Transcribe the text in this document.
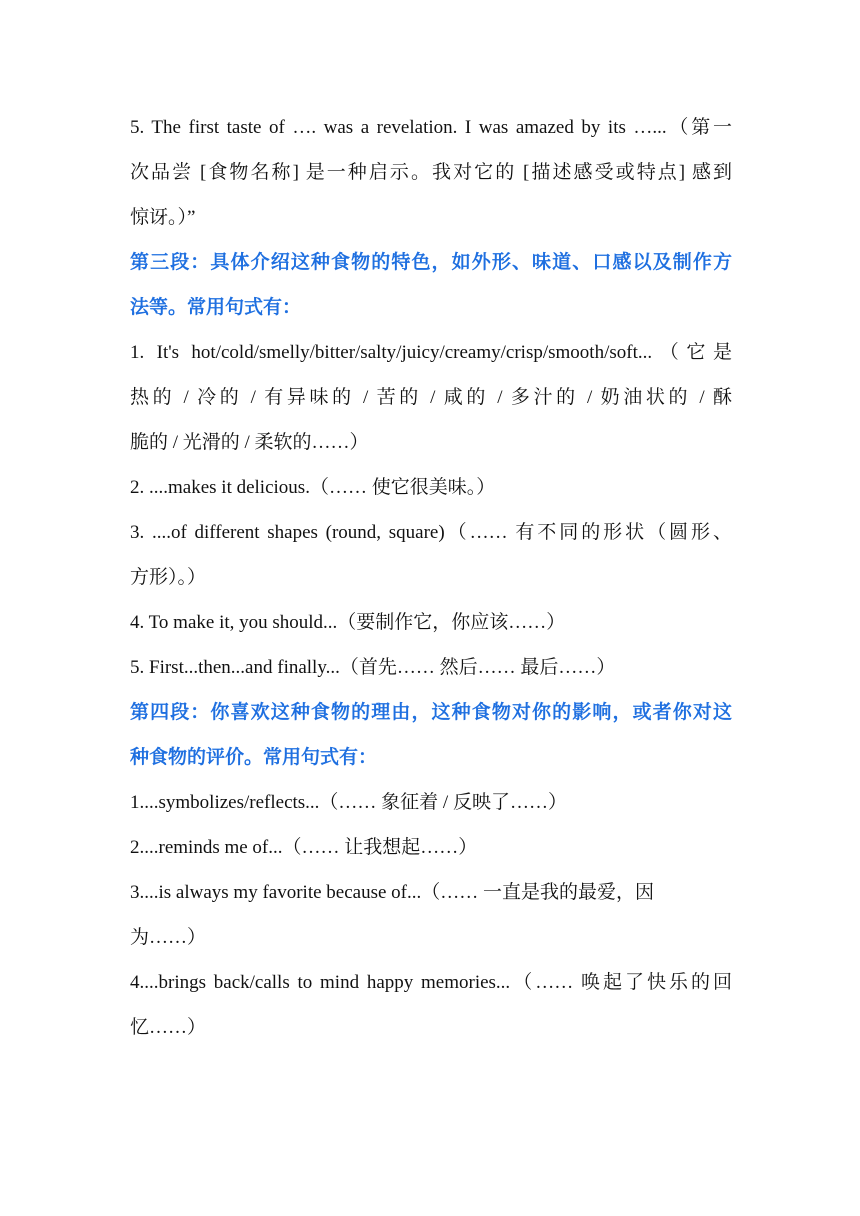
5. The first taste of …. was a revelation. I was amazed by its …...（第一
次品尝 [食物名称] 是一种启示。我对它的 [描述感受或特点] 感到
惊讶。）”
第三段：具体介绍这种食物的特色，如外形、味道、口感以及制作方
法等。常用句式有：
1. It's hot/cold/smelly/bitter/salty/juicy/creamy/crisp/smooth/soft...（它是
热的 / 冷的 / 有异味的 / 苦的 / 咸的 / 多汁的 / 奶油状的 / 酥
脆的 / 光滑的 / 柔软的……）
2. ....makes it delicious.（…… 使它很美味。）
3. ....of different shapes (round, square)（…… 有不同的形状（圆形、
方形）。）
4. To make it, you should...（要制作它，你应该……）
5. First...then...and finally...（首先…… 然后…… 最后……）
第四段：你喜欢这种食物的理由，这种食物对你的影响，或者你对这
种食物的评价。常用句式有：
1....symbolizes/reflects...（…… 象征着 / 反映了……）
2....reminds me of...（…… 让我想起……）
3....is always my favorite because of...（…… 一直是我的最爱，因
为……）
4....brings back/calls to mind happy memories...（…… 唤起了快乐的回
忆……）
